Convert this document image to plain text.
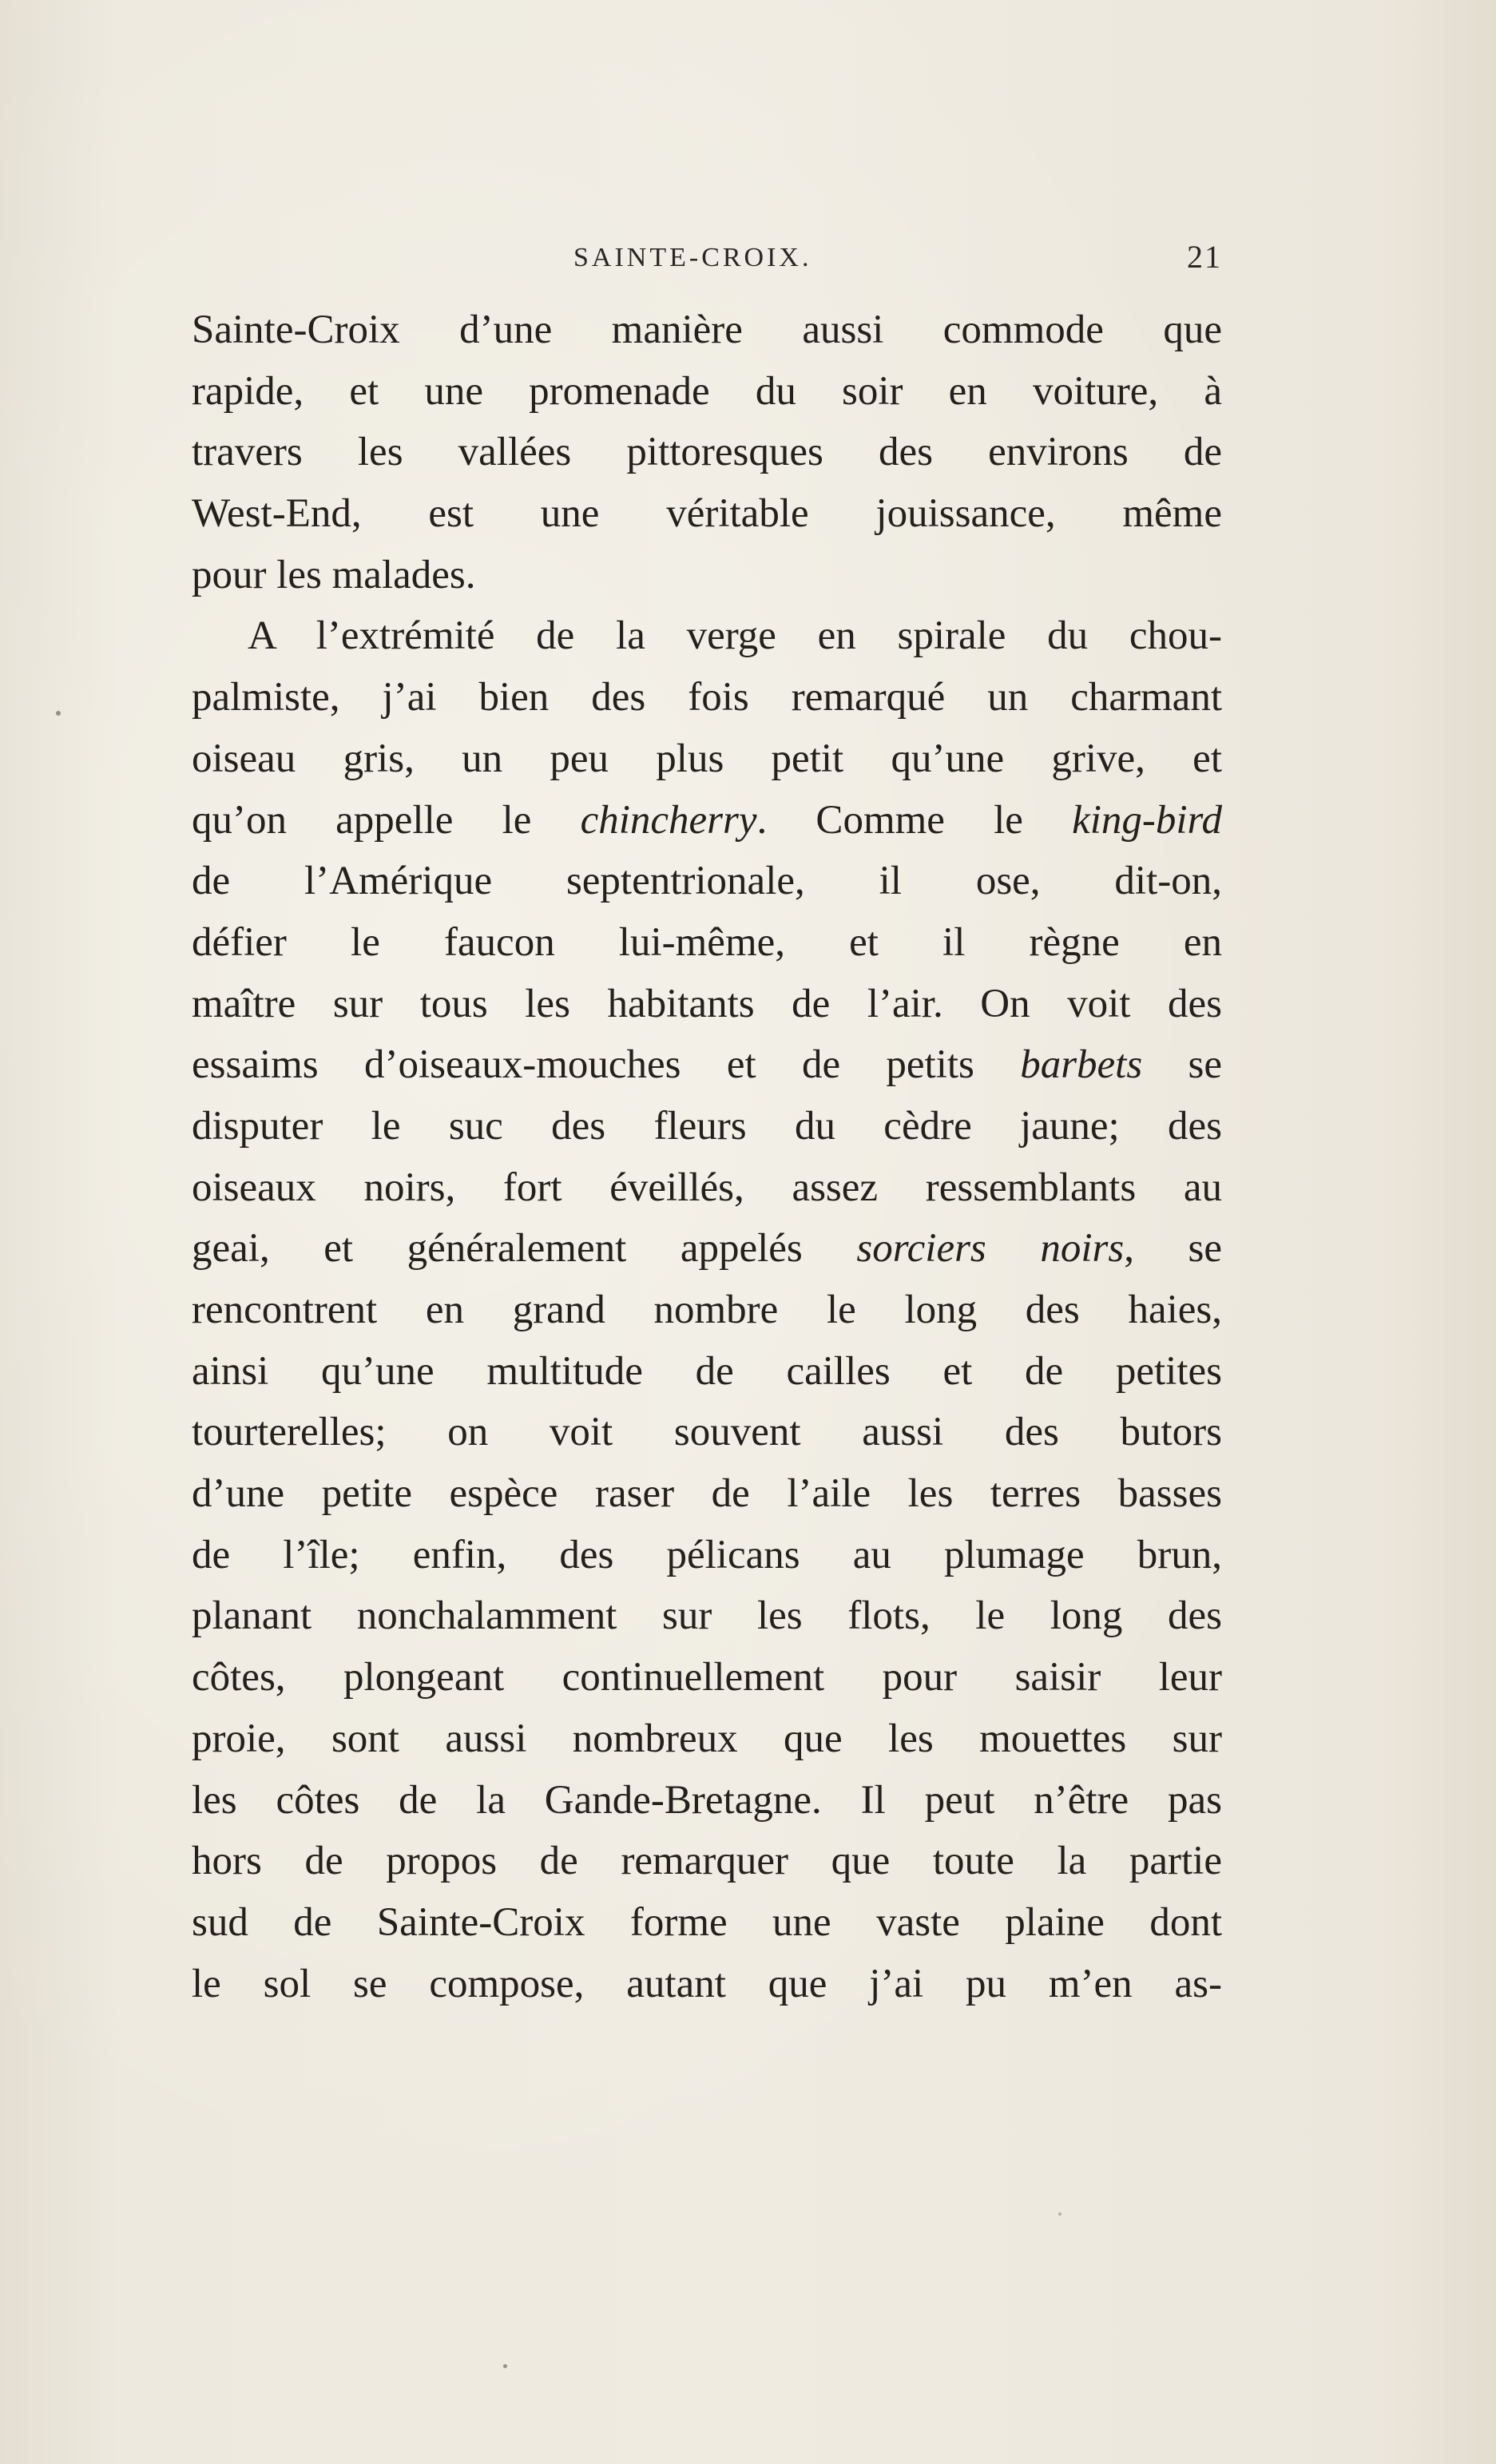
SAINTE-CROIX.	21
Sainte-Croix d’une manière aussi commode que
rapide, et une promenade du soir en voiture, à
travers les vallées pittoresques des environs de
West-End, est une véritable jouissance, même
pour les malades.
A l’extrémité de la verge en spirale du chou-
palmiste, j’ai bien des fois remarqué un charmant
oiseau gris, un peu plus petit qu’une grive, et
qu’on appelle le chincherry. Comme le king-bird
de l’Amérique septentrionale, il ose, dit-on,
défier le faucon lui-même, et il règne en
maître sur tous les habitants de l’air. On voit des
essaims d’oiseaux-mouches et de petits barbets se
disputer le suc des fleurs du cèdre jaune; des
oiseaux noirs, fort éveillés, assez ressemblants au
geai, et généralement appelés sorciers noirs, se
rencontrent en grand nombre le long des haies,
ainsi qu’une multitude de cailles et de petites
tourterelles; on voit souvent aussi des butors
d’une petite espèce raser de l’aile les terres basses
de l’île; enfin, des pélicans au plumage brun,
planant nonchalamment sur les flots, le long des
côtes, plongeant continuellement pour saisir leur
proie, sont aussi nombreux que les mouettes sur
les côtes de la Gande-Bretagne. Il peut n’être pas
hors de propos de remarquer que toute la partie
sud de Sainte-Croix forme une vaste plaine dont
le sol se compose, autant que j’ai pu m’en as-
